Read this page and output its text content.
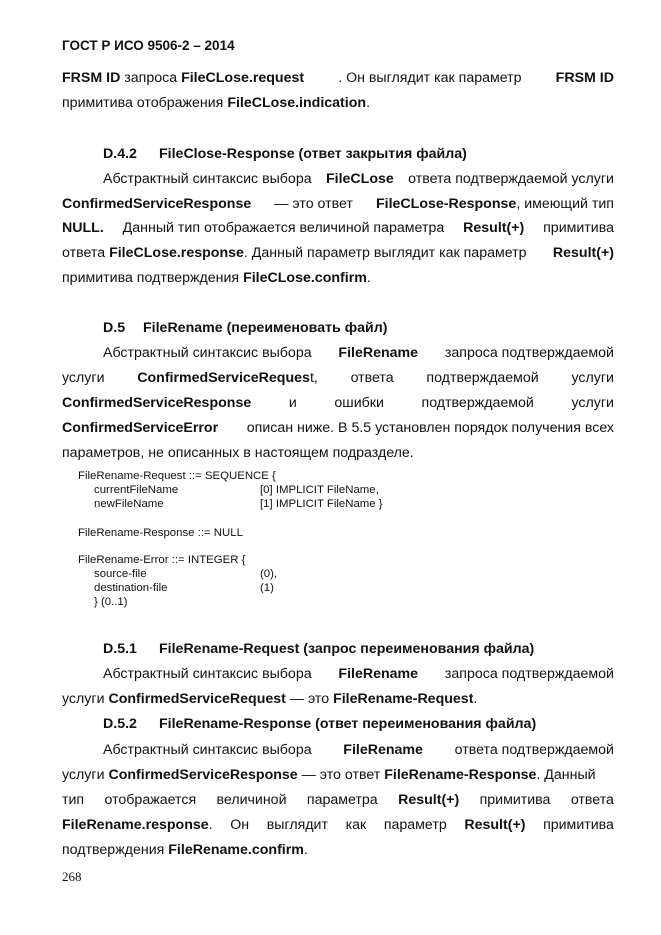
ГОСТ Р ИСО 9506-2 – 2014
FRSM ID запроса FileCLose.request . Он выглядит как параметр FRSM ID
примитива отображения FileCLose.indication.
D.4.2 FileClose-Response (ответ закрытия файла)
Абстрактный синтаксис выбора FileCLose ответа подтверждаемой услуги
ConfirmedServiceResponse — это ответ FileCLose-Response, имеющий тип
NULL. Данный тип отображается величиной параметра Result(+) примитива
ответа FileCLose.response. Данный параметр выглядит как параметр Result(+)
примитива подтверждения FileCLose.confirm.
D.5 FileRename (переименовать файл)
Абстрактный синтаксис выбора FileRename запроса подтверждаемой
услуги ConfirmedServiceRequest, ответа подтверждаемой услуги
ConfirmedServiceResponse	и	ошибки	подтверждаемой	услуги
ConfirmedServiceError описан ниже. В 5.5 установлен порядок получения всех
параметров, не описанных в настоящем подразделе.
FileRename-Request ::= SEQUENCE {
currentFileName	[0] IMPLICIT FileName,
newFileName	[1] IMPLICIT FileName }
FileRename-Response ::= NULL
FileRename-Error ::= INTEGER {
source-file	(0),
destination-file	(1)
} (0..1)
D.5.1 FileRename-Request (запрос переименования файла)
Абстрактный синтаксис выбора FileRename запроса подтверждаемой
услуги ConfirmedServiceRequest — это FileRename-Request.
D.5.2 FileRename-Response (ответ переименования файла)
Абстрактный синтаксис выбора FileRename ответа подтверждаемой
услуги ConfirmedServiceResponse — это ответ FileRename-Response. Данный
тип отображается величиной параметра Result(+) примитива ответа
FileRename.response. Он выглядит как параметр Result(+) примитива
подтверждения FileRename.confirm.
268
